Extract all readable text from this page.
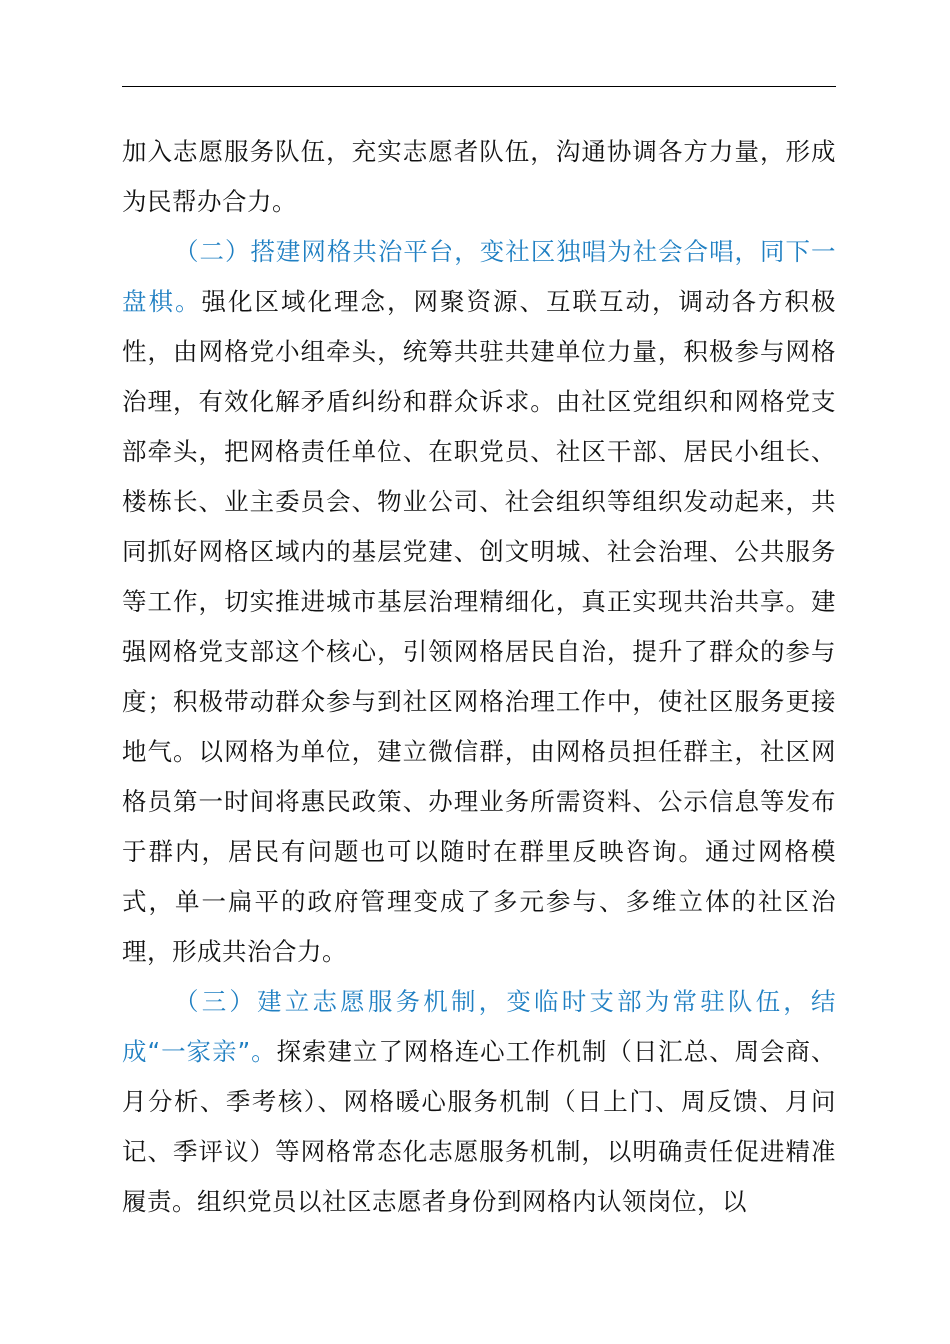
加入志愿服务队伍，充实志愿者队伍，沟通协调各方力量，形成为民帮办合力。

（二）搭建网格共治平台，变社区独唱为社会合唱，同下一盘棋。强化区域化理念，网聚资源、互联互动，调动各方积极性，由网格党小组牵头，统筹共驻共建单位力量，积极参与网格治理，有效化解矛盾纠纷和群众诉求。由社区党组织和网格党支部牵头，把网格责任单位、在职党员、社区干部、居民小组长、楼栋长、业主委员会、物业公司、社会组织等组织发动起来，共同抓好网格区域内的基层党建、创文明城、社会治理、公共服务等工作，切实推进城市基层治理精细化，真正实现共治共享。建强网格党支部这个核心，引领网格居民自治，提升了群众的参与度；积极带动群众参与到社区网格治理工作中，使社区服务更接地气。以网格为单位，建立微信群，由网格员担任群主，社区网格员第一时间将惠民政策、办理业务所需资料、公示信息等发布于群内，居民有问题也可以随时在群里反映咨询。通过网格模式，单一扁平的政府管理变成了多元参与、多维立体的社区治理，形成共治合力。

（三）建立志愿服务机制，变临时支部为常驻队伍，结成“一家亲”。探索建立了网格连心工作机制（日汇总、周会商、月分析、季考核）、网格暖心服务机制（日上门、周反馈、月问记、季评议）等网格常态化志愿服务机制，以明确责任促进精准履责。组织党员以社区志愿者身份到网格内认领岗位，以
